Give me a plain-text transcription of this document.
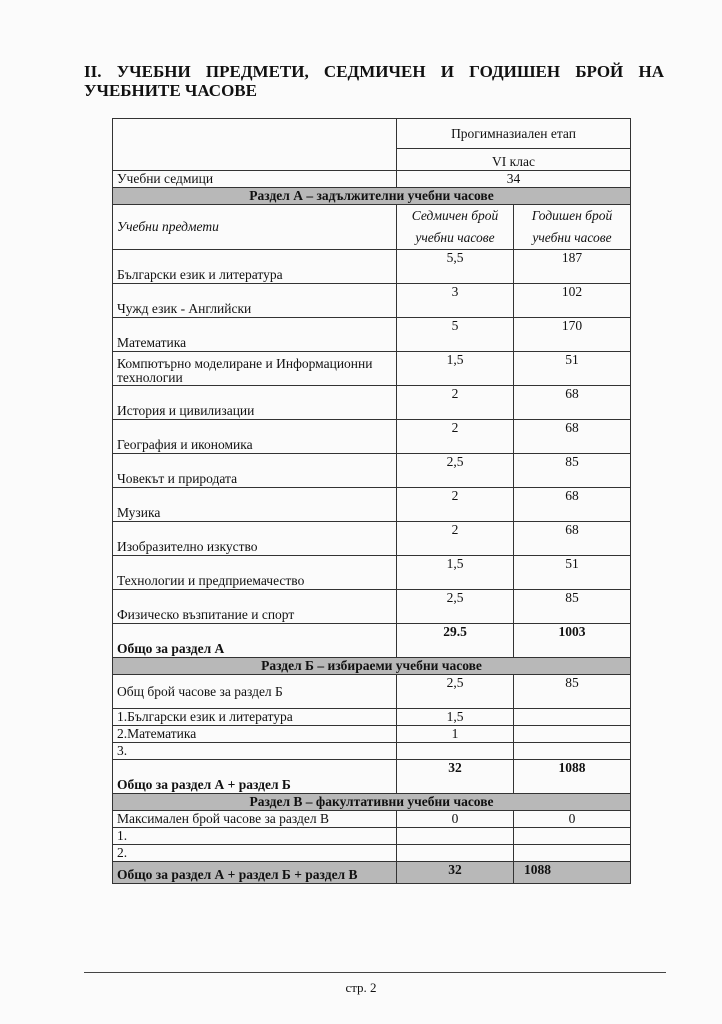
II. УЧЕБНИ ПРЕДМЕТИ, СЕДМИЧЕН И ГОДИШЕН БРОЙ НА
УЧЕБНИТЕ ЧАСОВЕ
	Прогимназиален етап	
	VI клас	
Учебни седмици	34	
Раздел А – задължителни учебни часове		
Учебни предмети	Седмичен брой учебни часове	Годишен брой учебни часове
Български език и литература	5,5	187
Чужд език - Английски	3	102
Математика	5	170
Компютърно моделиране и Информационни технологии	1,5	51
История и цивилизации	2	68
География и икономика	2	68
Човекът и природата	2,5	85
Музика	2	68
Изобразително изкуство	2	68
Технологии и предприемачество	1,5	51
Физическо възпитание и спорт	2,5	85
Общо за раздел А	29.5	1003
Раздел Б – избираеми учебни часове		
Общ брой часове за раздел Б	2,5	85
1.Български език и литература	1,5	
2.Математика	1	
3.		
Общо за раздел А + раздел Б	32	1088
Раздел В – факултативни учебни часове		
Максимален брой часове за раздел В	0	0
1.		
2.		
Общо за раздел А + раздел Б + раздел В	32	1088
стр. 2
